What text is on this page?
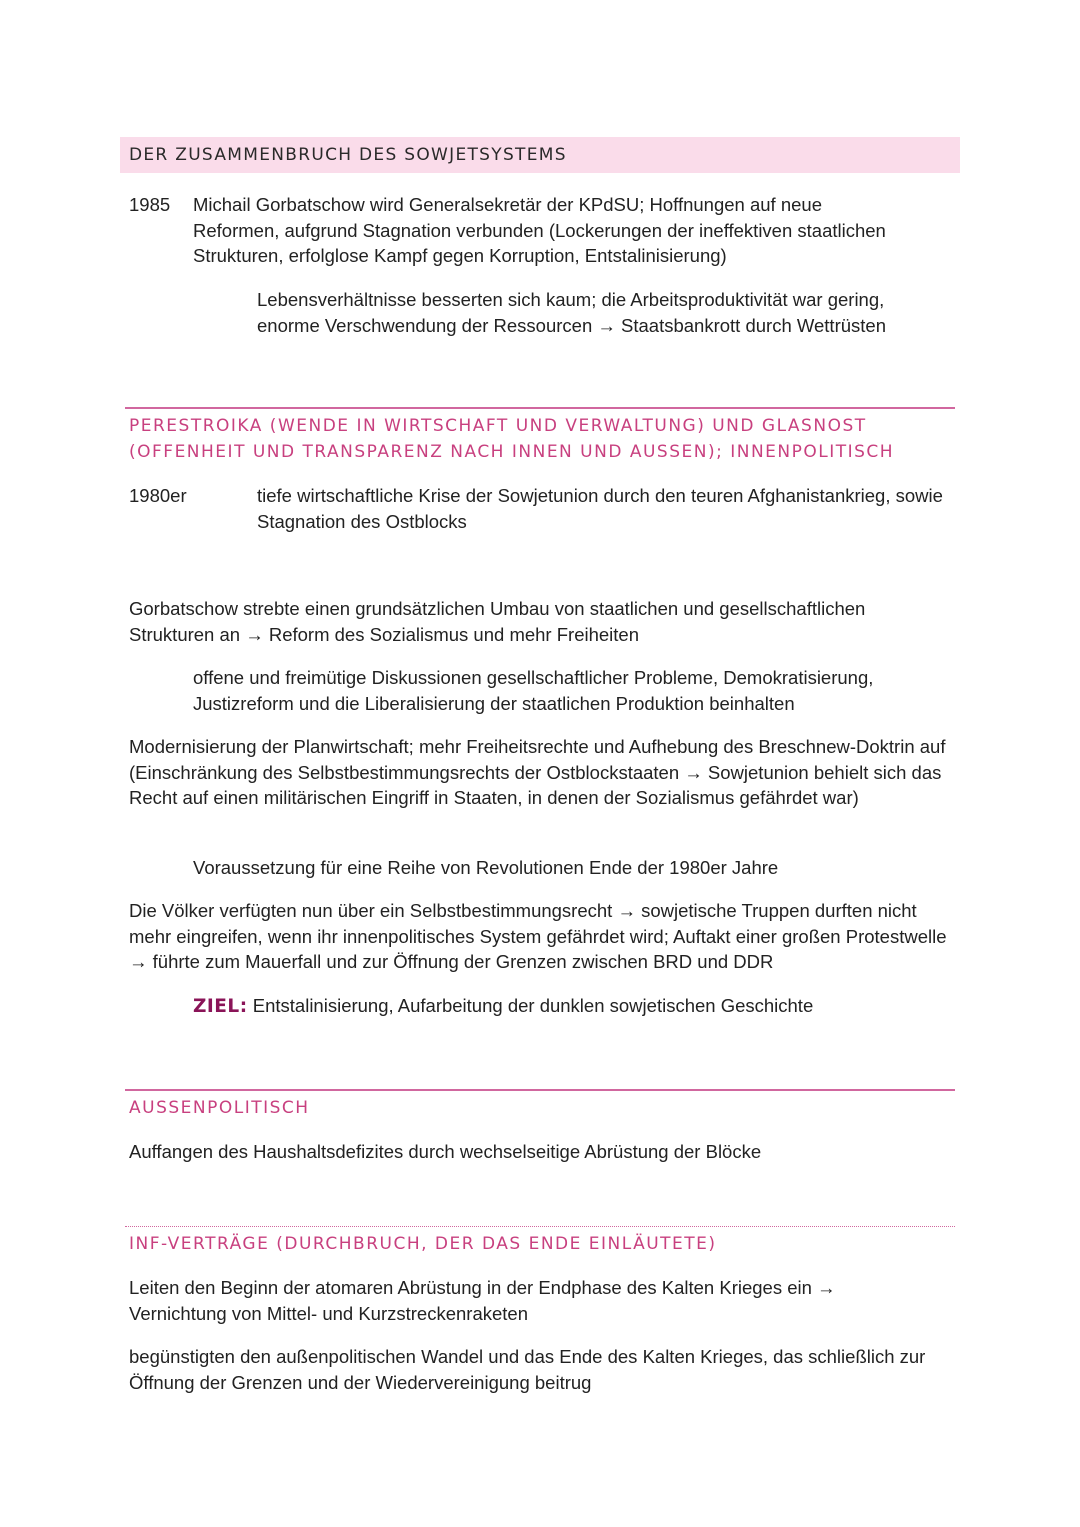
DER ZUSAMMENBRUCH DES SOWJETSYSTEMS
1985 Michail Gorbatschow wird Generalsekretär der KPdSU; Hoffnungen auf neue Reformen, aufgrund Stagnation verbunden (Lockerungen der ineffektiven staatlichen Strukturen, erfolglose Kampf gegen Korruption, Entstalinisierung)

Lebensverhältnisse besserten sich kaum; die Arbeitsproduktivität war gering, enorme Verschwendung der Ressourcen → Staatsbankrott durch Wettrüsten

PERESTROIKA (WENDE IN WIRTSCHAFT UND VERWALTUNG) UND GLASNOST
(OFFENHEIT UND TRANSPARENZ NACH INNEN UND AUSSEN); INNENPOLITISCH
1980er	tiefe wirtschaftliche Krise der Sowjetunion durch den teuren Afghanistankrieg, sowie Stagnation des Ostblocks

Gorbatschow strebte einen grundsätzlichen Umbau von staatlichen und gesellschaftlichen Strukturen an → Reform des Sozialismus und mehr Freiheiten

offene und freimütige Diskussionen gesellschaftlicher Probleme, Demokratisierung, Justizreform und die Liberalisierung der staatlichen Produktion beinhalten

Modernisierung der Planwirtschaft; mehr Freiheitsrechte und Aufhebung des Breschnew-Doktrin auf (Einschränkung des Selbstbestimmungsrechts der Ostblockstaaten → Sowjetunion behielt sich das Recht auf einen militärischen Eingriff in Staaten, in denen der Sozialismus gefährdet war)

Voraussetzung für eine Reihe von Revolutionen Ende der 1980er Jahre

Die Völker verfügten nun über ein Selbstbestimmungsrecht → sowjetische Truppen durften nicht mehr eingreifen, wenn ihr innenpolitisches System gefährdet wird; Auftakt einer großen Protestwelle → führte zum Mauerfall und zur Öffnung der Grenzen zwischen BRD und DDR

ZIEL: Entstalinisierung, Aufarbeitung der dunklen sowjetischen Geschichte

AUSSENPOLITISCH

Auffangen des Haushaltsdefizites durch wechselseitige Abrüstung der Blöcke

INF-VERTRÄGE (DURCHBRUCH, DER DAS ENDE EINLÄUTETE)

Leiten den Beginn der atomaren Abrüstung in der Endphase des Kalten Krieges ein → Vernichtung von Mittel- und Kurzstreckenraketen

begünstigten den außenpolitischen Wandel und das Ende des Kalten Krieges, das schließlich zur Öffnung der Grenzen und der Wiedervereinigung beitrug
